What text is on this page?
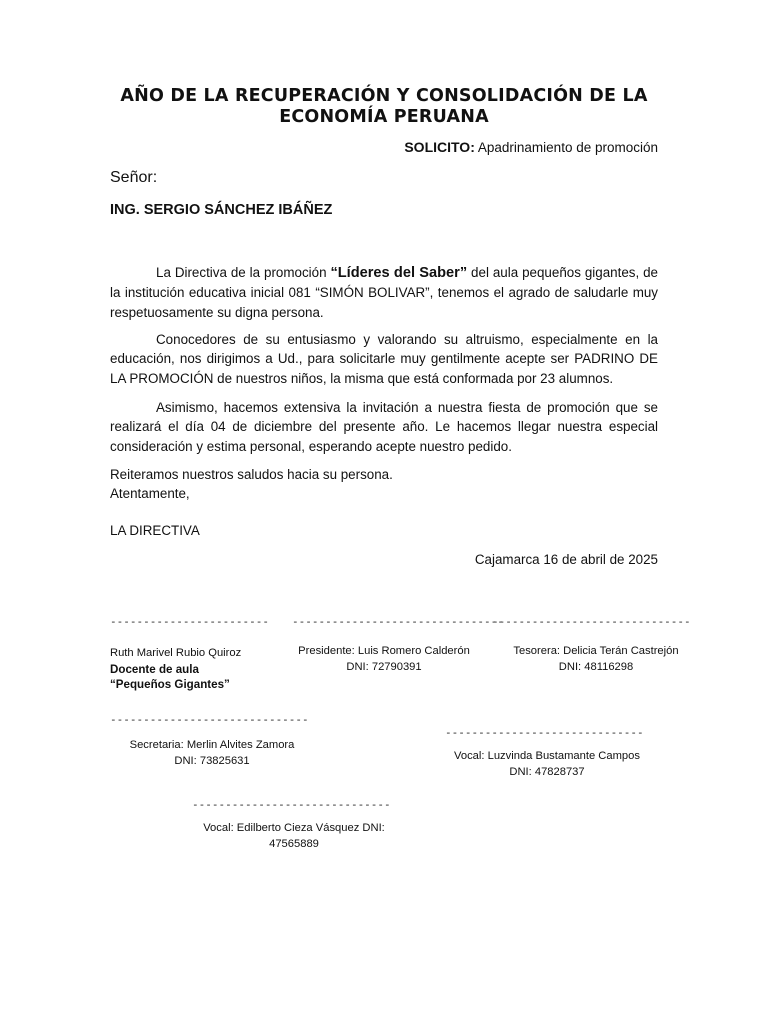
AÑO DE LA RECUPERACIÓN Y CONSOLIDACIÓN DE LA ECONOMÍA PERUANA
SOLICITO: Apadrinamiento de promoción
Señor:
ING. SERGIO SÁNCHEZ IBÁÑEZ
La Directiva de la promoción “Líderes del Saber” del aula pequeños gigantes, de la institución educativa inicial 081 “SIMÓN BOLIVAR”, tenemos el agrado de saludarle muy respetuosamente su digna persona.
Conocedores de su entusiasmo y valorando su altruismo, especialmente en la educación, nos dirigimos a Ud., para solicitarle muy gentilmente acepte ser PADRINO DE LA PROMOCIÓN de nuestros niños, la misma que está conformada por 23 alumnos.
Asimismo, hacemos extensiva la invitación a nuestra fiesta de promoción que se realizará el día 04 de diciembre del presente año. Le hacemos llegar nuestra especial consideración y estima personal, esperando acepte nuestro pedido.
Reiteramos nuestros saludos hacia su persona.
Atentamente,
LA DIRECTIVA
Cajamarca 16 de abril de 2025
------------------------
Ruth Marivel Rubio Quiroz
Docente de aula
“Pequeños Gigantes”
--------------------------------
Presidente: Luis Romero Calderón
DNI: 72790391
------------------------------
Tesorera: Delicia Terán Castrejón
DNI: 48116298
------------------------------
Secretaria: Merlin Alvites Zamora
DNI: 73825631
------------------------------
Vocal: Luzvinda Bustamante Campos
DNI: 47828737
------------------------------
Vocal: Edilberto Cieza Vásquez DNI:
47565889
